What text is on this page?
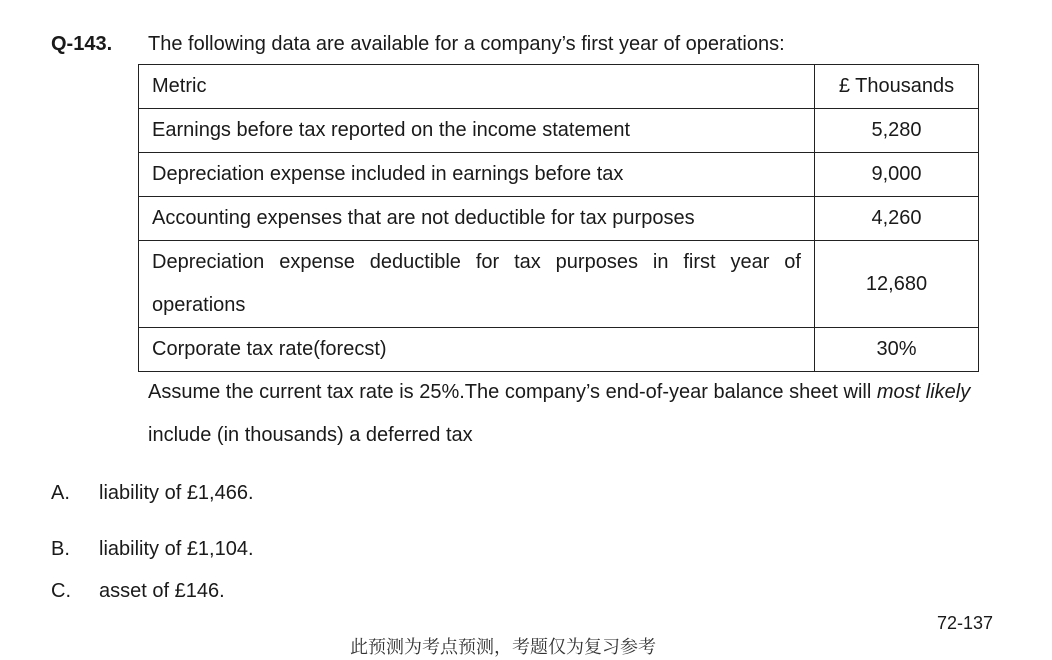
Q-143. The following data are available for a company’s first year of operations:
Metric	£ Thousands
Earnings before tax reported on the income statement	5,280
Depreciation expense included in earnings before tax	9,000
Accounting expenses that are not deductible for tax purposes	4,260
Depreciation expense deductible for tax purposes in first year of operations	12,680
Corporate tax rate(forecst)	30%
Assume the current tax rate is 25%.The company’s end-of-year balance sheet will most likely include (in thousands) a deferred tax
A. liability of £1,466.
B. liability of £1,104.
C. asset of £146.
72-137
此预测为考点预测，考题仅为复习参考
